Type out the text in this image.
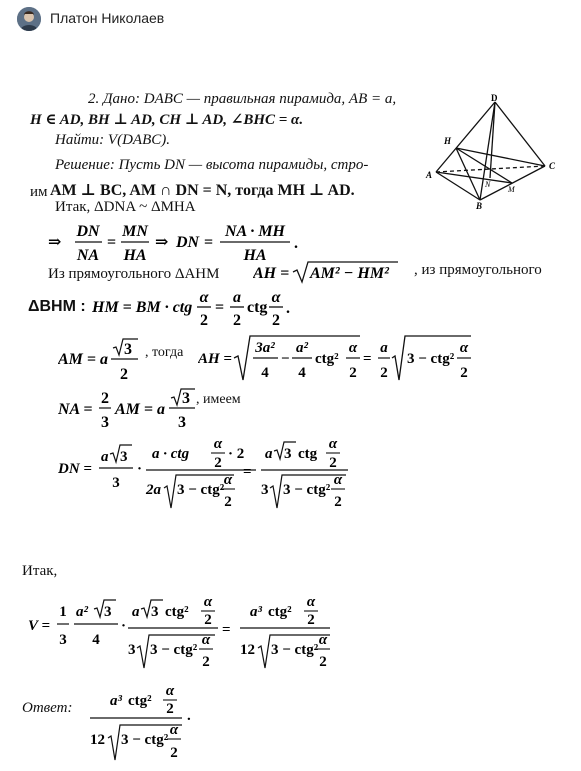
Платон Николаев
2. Дано: DABC — правильная пирамида, AB = a,
H ∈ AD, BH ⊥ AD, CH ⊥ AD, ∠BHC = α.
Найти: V(DABC).
Решение: Пусть DN — высота пирамиды, стро-
им AM ⊥ BC, AM ∩ DN = N, тогда MH ⊥ AD.
Итак, ΔDNA ~ ΔMHA
D
H
A
N
M
C
B
⇒
DN
NA
=
MN
HA
⇒ DN =
NA · MH
HA
.
Из прямоугольного ΔAHM AH = AM² − HM² , из прямоугольного
ΔBHM : HM = BM · ctg
α
2
=
a
2
ctg
α
2
.
AM = a
3
2
, тогда AH =
3a²
4
−
a²
4
ctg²
α
2
=
a
2
3 − ctg²
α
2
NA =
2
3
AM = a
3
3
, имеем
DN =
a 3
3
·
a · ctg
α
2
· 2
2a 3 − ctg²
α
2
=
a 3 ctg
α
2
3 3 − ctg²
α
2
Итак,
V =
1
3
a² 3
4
·
a 3 ctg²
α
2
3 3 − ctg²
α
2
=
a³ ctg²
α
2
12 3 − ctg²
α
2
Ответ:	a³ ctg²
α
2
12 3 − ctg²
α
2
.
